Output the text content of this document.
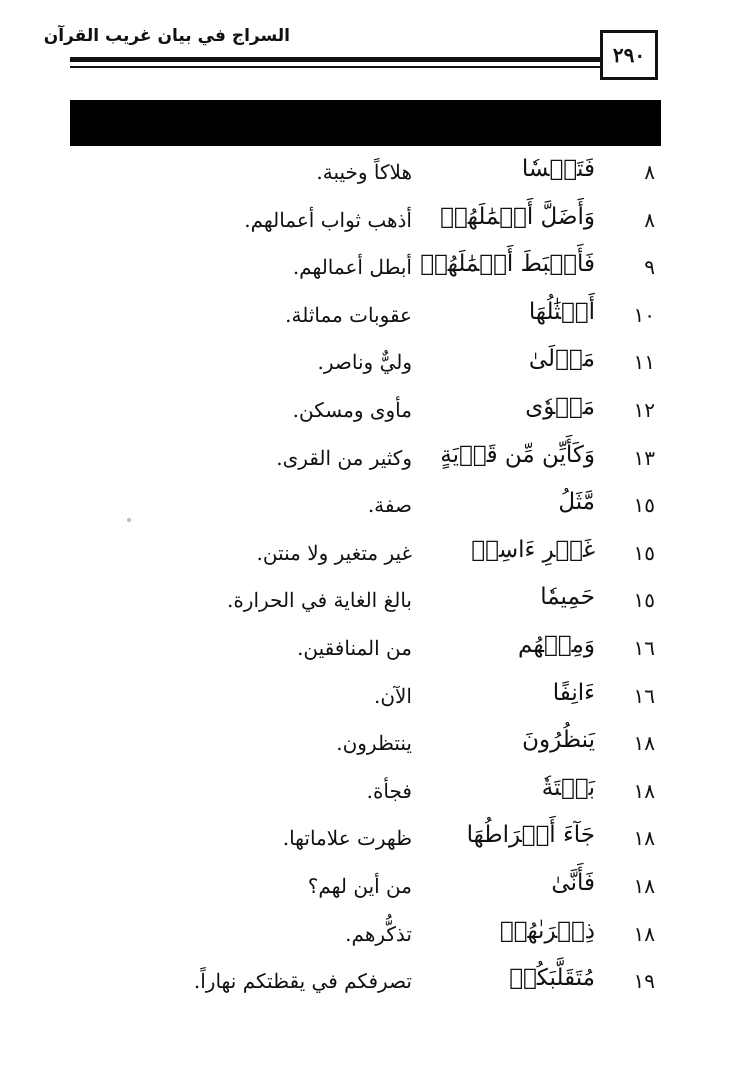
السراج في بيان غريب القرآن
٢٩٠
٨
فَتَعۡسٗا
هلاكاً وخيبة.
٨
وَأَضَلَّ أَعۡمَٰلَهُمۡ
أذهب ثواب أعمالهم.
٩
فَأَحۡبَطَ أَعۡمَٰلَهُمۡ
أبطل أعمالهم.
١٠
أَمۡثَٰلُهَا
عقوبات مماثلة.
١١
مَوۡلَىٰ
وليٌّ وناصر.
١٢
مَثۡوٗى
مأوى ومسكن.
١٣
وَكَأَيِّن مِّن قَرۡيَةٍ
وكثير من القرى.
١٥
مَّثَلُ
صفة.
١٥
غَيۡرِ ءَاسِنٖ
غير متغير ولا منتن.
١٥
حَمِيمٗا
بالغ الغاية في الحرارة.
١٦
وَمِنۡهُم
من المنافقين.
١٦
ءَانِفًا
الآن.
١٨
يَنظُرُونَ
ينتظرون.
١٨
بَغۡتَةٗ
فجأة.
١٨
جَآءَ أَشۡرَاطُهَا
ظهرت علاماتها.
١٨
فَأَنَّىٰ
من أين لهم؟
١٨
ذِكۡرَىٰهُمۡ
تذكُّرهم.
١٩
مُتَقَلَّبَكُمۡ
تصرفكم في يقظتكم نهاراً.
